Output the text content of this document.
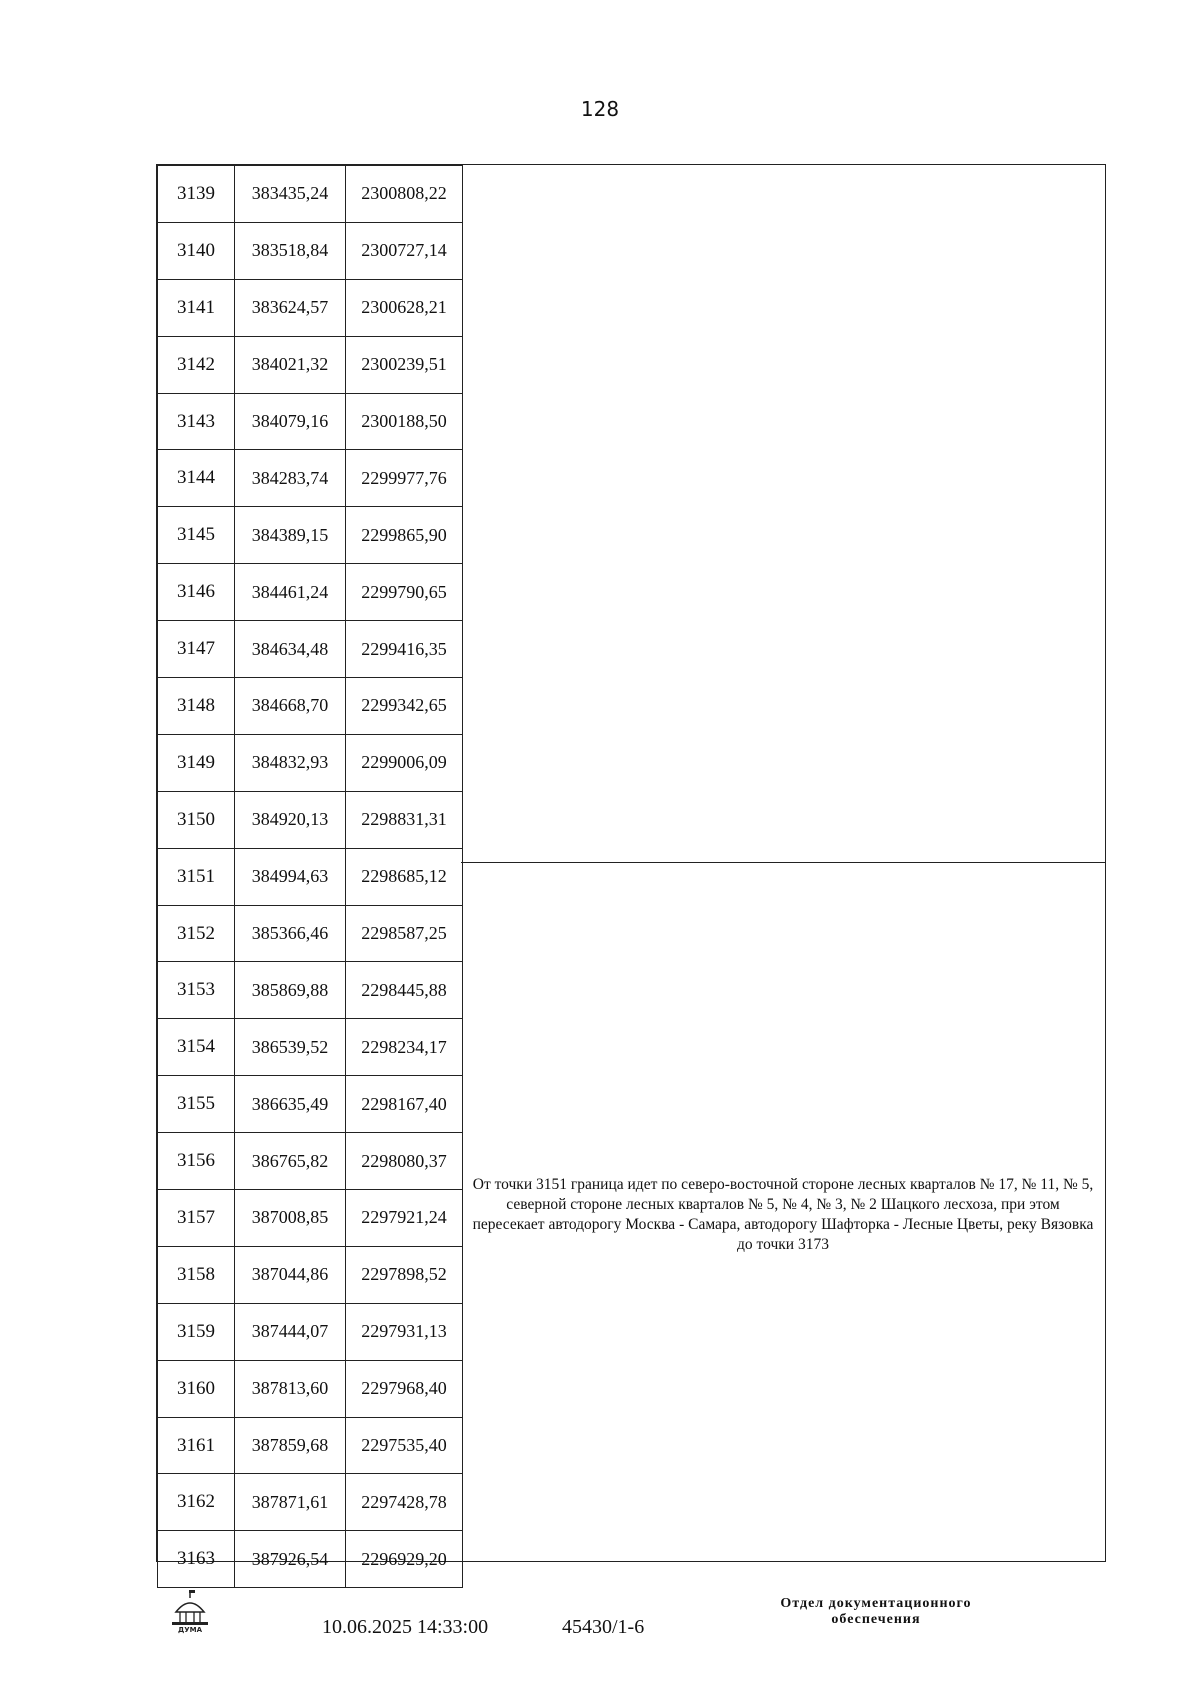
128
3139	383435,24	2300808,22
3140	383518,84	2300727,14
3141	383624,57	2300628,21
3142	384021,32	2300239,51
3143	384079,16	2300188,50
3144	384283,74	2299977,76
3145	384389,15	2299865,90
3146	384461,24	2299790,65
3147	384634,48	2299416,35
3148	384668,70	2299342,65
3149	384832,93	2299006,09
3150	384920,13	2298831,31
3151	384994,63	2298685,12
3152	385366,46	2298587,25
3153	385869,88	2298445,88
3154	386539,52	2298234,17
3155	386635,49	2298167,40
3156	386765,82	2298080,37
3157	387008,85	2297921,24
3158	387044,86	2297898,52
3159	387444,07	2297931,13
3160	387813,60	2297968,40
3161	387859,68	2297535,40
3162	387871,61	2297428,78
3163	387926,54	2296929,20
От точки 3151 граница идет по северо-восточной стороне лесных кварталов № 17, № 11, № 5, северной стороне лесных кварталов № 5, № 4, № 3, № 2 Шацкого лесхоза, при этом пересекает автодорогу Москва - Самара, автодорогу Шафторка - Лесные Цветы, реку Вязовка до точки 3173
ДУМА	10.06.2025 14:33:00	45430/1-6
Отдел документационного
обеспечения
